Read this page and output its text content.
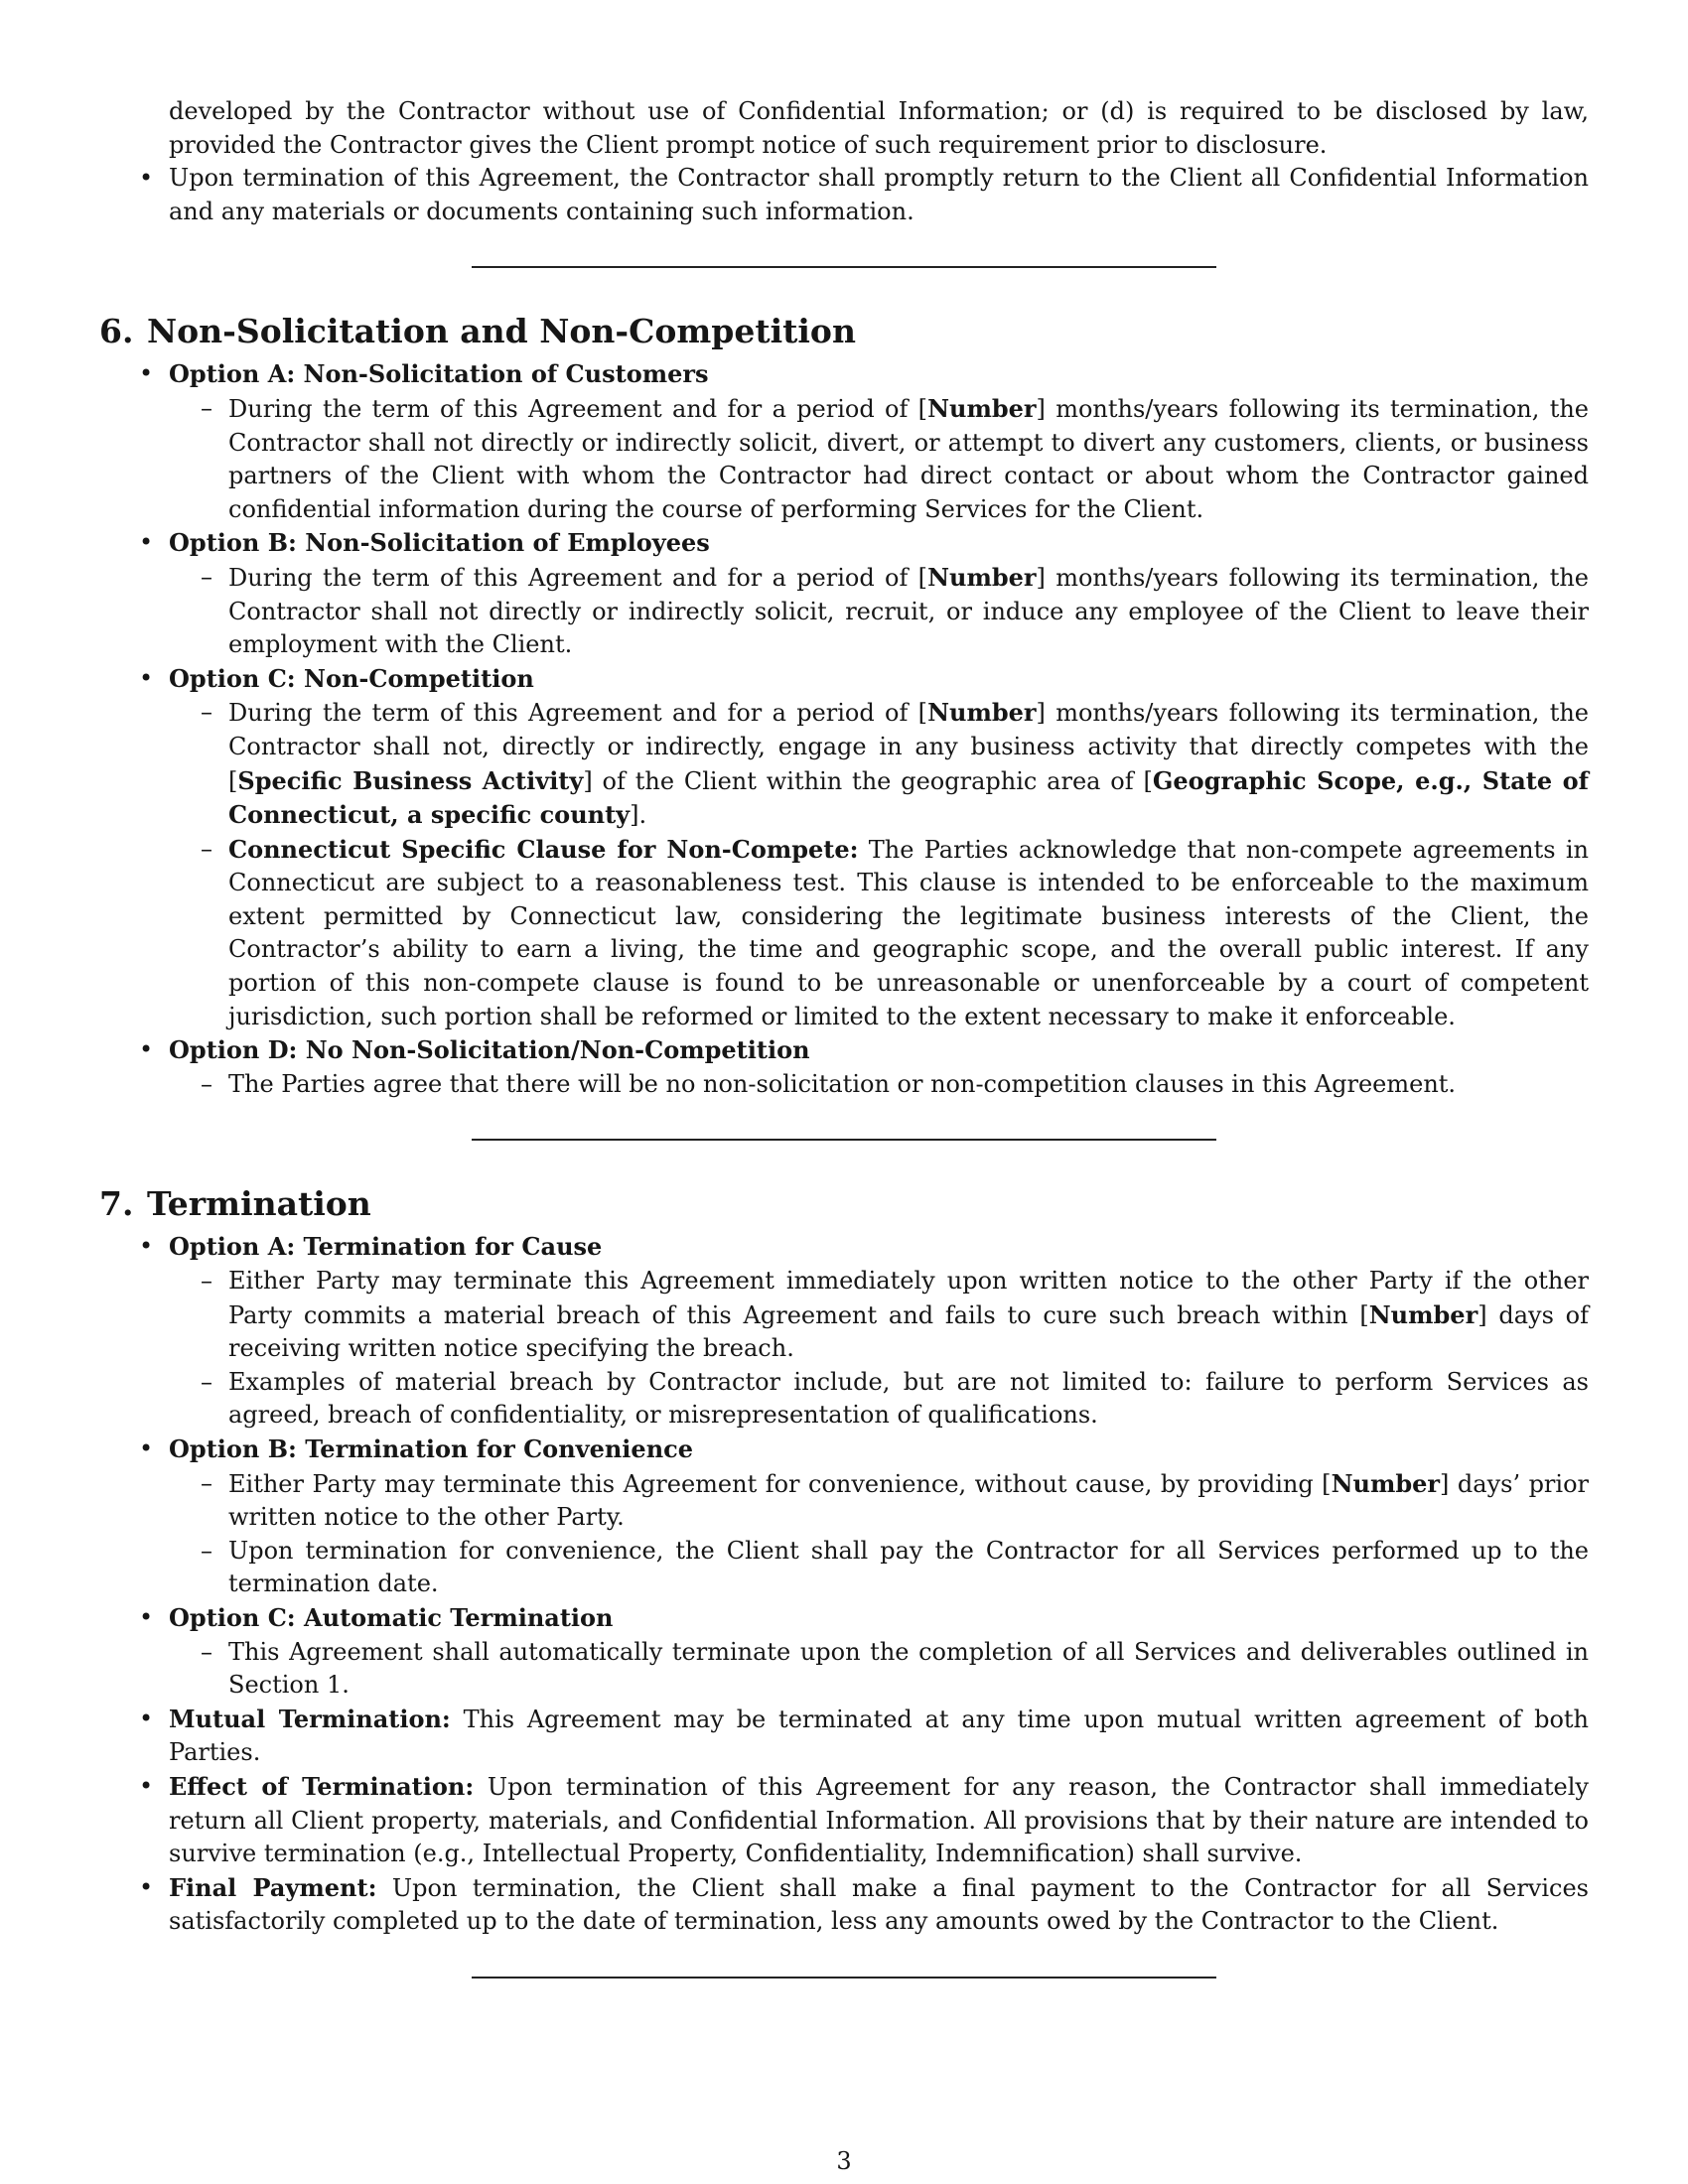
developed by the Contractor without use of Confidential Information; or (d) is required to be disclosed by law, provided the Contractor gives the Client prompt notice of such requirement prior to disclosure.
• Upon termination of this Agreement, the Contractor shall promptly return to the Client all Confidential Information and any materials or documents containing such information.
6. Non-Solicitation and Non-Competition
• Option A: Non-Solicitation of Customers
– During the term of this Agreement and for a period of [Number] months/years following its termination, the Contractor shall not directly or indirectly solicit, divert, or attempt to divert any customers, clients, or business partners of the Client with whom the Contractor had direct contact or about whom the Contractor gained confidential information during the course of performing Services for the Client.
• Option B: Non-Solicitation of Employees
– During the term of this Agreement and for a period of [Number] months/years following its termination, the Contractor shall not directly or indirectly solicit, recruit, or induce any employee of the Client to leave their employment with the Client.
• Option C: Non-Competition
– During the term of this Agreement and for a period of [Number] months/years following its termination, the Contractor shall not, directly or indirectly, engage in any business activity that directly competes with the [Specific Business Activity] of the Client within the geographic area of [Geographic Scope, e.g., State of Connecticut, a specific county].
– Connecticut Specific Clause for Non-Compete: The Parties acknowledge that non-compete agreements in Connecticut are subject to a reasonableness test. This clause is intended to be enforceable to the maximum extent permitted by Connecticut law, considering the legitimate business interests of the Client, the Contractor’s ability to earn a living, the time and geographic scope, and the overall public interest. If any portion of this non-compete clause is found to be unreasonable or unenforceable by a court of competent jurisdiction, such portion shall be reformed or limited to the extent necessary to make it enforceable.
• Option D: No Non-Solicitation/Non-Competition
– The Parties agree that there will be no non-solicitation or non-competition clauses in this Agreement.
7. Termination
• Option A: Termination for Cause
– Either Party may terminate this Agreement immediately upon written notice to the other Party if the other Party commits a material breach of this Agreement and fails to cure such breach within [Number] days of receiving written notice specifying the breach.
– Examples of material breach by Contractor include, but are not limited to: failure to perform Services as agreed, breach of confidentiality, or misrepresentation of qualifications.
• Option B: Termination for Convenience
– Either Party may terminate this Agreement for convenience, without cause, by providing [Number] days’ prior written notice to the other Party.
– Upon termination for convenience, the Client shall pay the Contractor for all Services performed up to the termination date.
• Option C: Automatic Termination
– This Agreement shall automatically terminate upon the completion of all Services and deliverables outlined in Section 1.
• Mutual Termination: This Agreement may be terminated at any time upon mutual written agreement of both Parties.
• Effect of Termination: Upon termination of this Agreement for any reason, the Contractor shall immediately return all Client property, materials, and Confidential Information. All provisions that by their nature are intended to survive termination (e.g., Intellectual Property, Confidentiality, Indemnification) shall survive.
• Final Payment: Upon termination, the Client shall make a final payment to the Contractor for all Services satisfactorily completed up to the date of termination, less any amounts owed by the Contractor to the Client.
3
